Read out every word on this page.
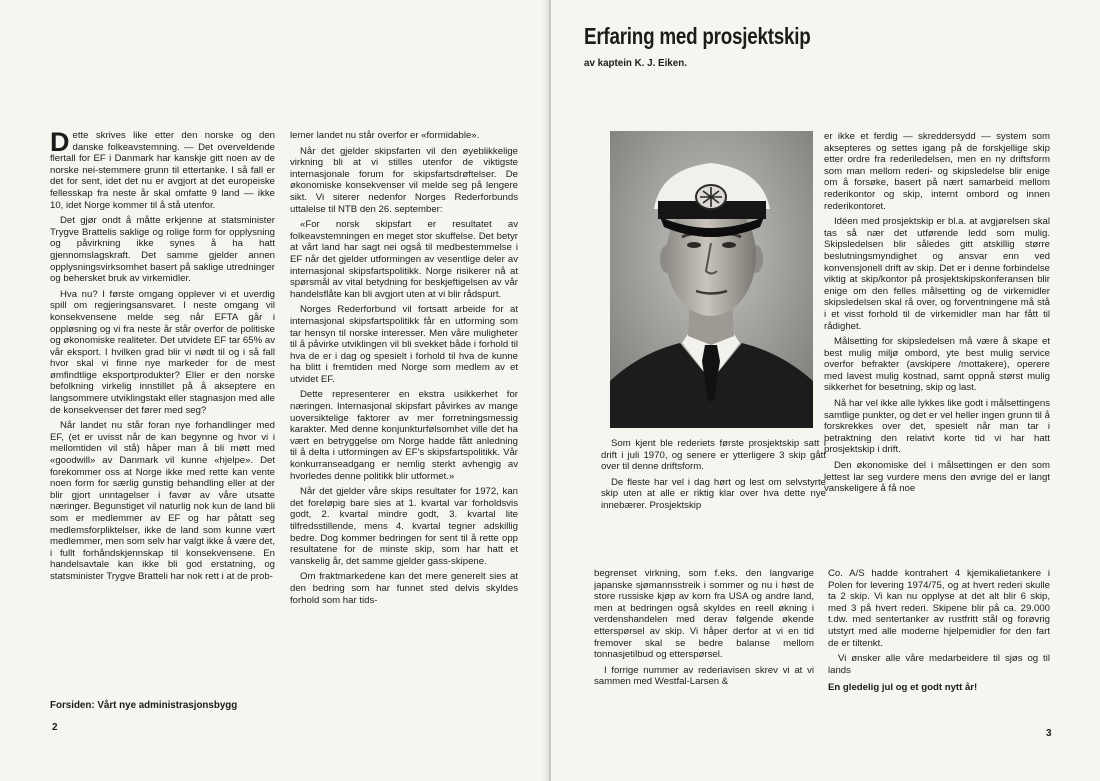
Dette skrives like etter den norske og den danske folkeavstemning. — Det overveldende flertall for EF i Danmark har kanskje gitt noen av de norske nei-stemmere grunn til ettertanke. I så fall er det for sent, idet det nu er avgjort at det europeiske fellesskap fra neste år skal omfatte 9 land — ikke 10, idet Norge kommer til å stå utenfor.

Det gjør ondt å måtte erkjenne at statsminister Trygve Brattelis saklige og rolige form for opplysning og påvirkning ikke synes å ha hatt gjennomslagskraft. Det samme gjelder annen opplysningsvirksomhet basert på saklige utredninger og behersket bruk av virkemidler.

Hva nu? I første omgang opplever vi et uverdig spill om regjeringsansvaret. I neste omgang vil konsekvensene melde seg når EFTA går i oppløsning og vi fra neste år står overfor de politiske og økonomiske realiteter. Det utvidete EF tar 65% av vår eksport. I hvilken grad blir vi nødt til og i så fall hvor skal vi finne nye markeder for de mest ømfindtlige eksportprodukter? Eller er den norske befolkning virkelig innstillet på å akseptere en langsommere utviklingstakt eller stagnasjon med alle de konsekvenser det fører med seg?

Når landet nu står foran nye forhandlinger med EF, (et er uvisst når de kan begynne og hvor vi i mellomtiden vil stå) håper man å bli møtt med «goodwill» av Danmark vil kunne «hjelpe». Det forekommer oss at Norge ikke med rette kan vente noen form for særlig gunstig behandling eller at der blir gjort unntagelser i favør av våre utsatte næringer. Begunstiget vil naturlig nok kun de land bli som er medlemmer av EF og har påtatt seg medlemsforpliktelser, ikke de land som kunne vært medlemmer, men som selv har valgt ikke å være det, i fullt forhåndskjennskap til konsekvensene. En handelsavtale kan ikke bli god erstatning, og statsminister Trygve Bratteli har nok rett i at de prob-

Forsiden: Vårt nye administrasjonsbygg

lemer landet nu står overfor er «formidable».

Når det gjelder skipsfarten vil den øyeblikkelige virkning bli at vi stilles utenfor de viktigste internasjonale forum for skipsfartsdrøftelser. De økonomiske konsekvenser vil melde seg på lengere sikt. Vi siterer nedenfor Norges Rederforbunds uttalelse til NTB den 26. september:

«For norsk skipsfart er resultatet av folkeavstemningen en meget stor skuffelse. Det betyr at vårt land har sagt nei også til medbestemmelse i EF når det gjelder utformingen av vesentlige deler av internasjonal skipsfartspolitikk. Norge risikerer nå at spørsmål av vital betydning for beskjeftigelsen av vår handelsflåte kan bli avgjort uten at vi blir rådspurt.

Norges Rederforbund vil fortsatt arbeide for at internasjonal skipsfartspolitikk får en utforming som tar hensyn til norske interesser. Men våre muligheter til å påvirke utviklingen vil bli svekket både i forhold til hva de er i dag og spesielt i forhold til hva de kunne ha blitt i fremtiden med Norge som medlem av et utvidet EF.

Dette representerer en ekstra usikkerhet for næringen. Internasjonal skipsfart påvirkes av mange uoversiktelige faktorer av mer forretningsmessig karakter. Med denne konjunkturfølsomhet ville det ha vært en betryggelse om Norge hadde fått anledning til å delta i utformingen av EF's skipsfartspolitikk. Vår konkurranseadgang er nemlig sterkt avhengig av hvorledes denne politikk blir utformet.»

Når det gjelder våre skips resultater for 1972, kan det foreløpig bare sies at 1. kvartal var forholdsvis godt, 2. kvartal mindre godt, 3. kvartal lite tilfredsstillende, mens 4. kvartal tegner adskillig bedre. Dog kommer bedringen for sent til å rette opp resultatene for de minste skip, som har hatt et vanskelig år, det samme gjelder gass-skipene.

Om fraktmarkedene kan det mere generelt sies at den bedring som har funnet sted delvis skyldes forhold som har tids-

2
Erfaring med prosjektskip

av kaptein K. J. Eiken.

Som kjent ble rederiets første prosjektskip satt i drift i juli 1970, og senere er ytterligere 3 skip gått over til denne driftsform.

De fleste har vel i dag hørt og lest om selvstyrte skip uten at alle er riktig klar over hva dette nye innebærer. Prosjektskip

er ikke et ferdig — skreddersydd — system som aksepteres og settes igang på de forskjellige skip etter ordre fra rederiledelsen, men en ny driftsform som man mellom rederi- og skipsledelse blir enige om å forsøke, basert på nært samarbeid mellom rederikontor og skip, internt ombord og innen rederikontoret.

Idéen med prosjektskip er bl.a. at avgjørelsen skal tas så nær det utførende ledd som mulig. Skipsledelsen blir således gitt atskillig større beslutningsmyndighet og ansvar enn ved konvensjonell drift av skip. Det er i denne forbindelse viktig at skip/kontor på prosjektskipskonferansen blir enige om den felles målsetting og de virkemidler skipsledelsen skal rå over, og forventningene må stå i et visst forhold til de virkemidler man har fått til rådighet.

Målsetting for skipsledelsen må være å skape et best mulig miljø ombord, yte best mulig service overfor befrakter (avskipere /mottakere), operere med lavest mulig kostnad, samt oppnå størst mulig sikkerhet for besetning, skip og last.

Nå har vel ikke alle lykkes like godt i målsettingens samtlige punkter, og det er vel heller ingen grunn til å forskrekkes over det, spesielt når man tar i betraktning den relativt korte tid vi har hatt prosjektskip i drift.

Den økonomiske del i målsettingen er den som lettest lar seg vurdere mens den øvrige del er langt vanskeligere å få noe

begrenset virkning, som f.eks. den langvarige japanske sjømannsstreik i sommer og nu i høst de store russiske kjøp av korn fra USA og andre land, men at bedringen også skyldes en reell økning i verdenshandelen med derav følgende økende etterspørsel av skip. Vi håper derfor at vi en tid fremover skal se bedre balanse mellom tonnasjetilbud og etterspørsel.

I forrige nummer av rederiavisen skrev vi at vi sammen med Westfal-Larsen &

Co. A/S hadde kontrahert 4 kjemikalietankere i Polen for levering 1974/75, og at hvert rederi skulle ta 2 skip. Vi kan nu opplyse at det alt blir 6 skip, med 3 på hvert rederi. Skipene blir på ca. 29.000 t.dw. med sentertanker av rustfritt stål og forøvrig utstyrt med alle moderne hjelpemidler for den fart de er tiltenkt.

Vi ønsker alle våre medarbeidere til sjøs og til lands

En gledelig jul og et godt nytt år!

3
